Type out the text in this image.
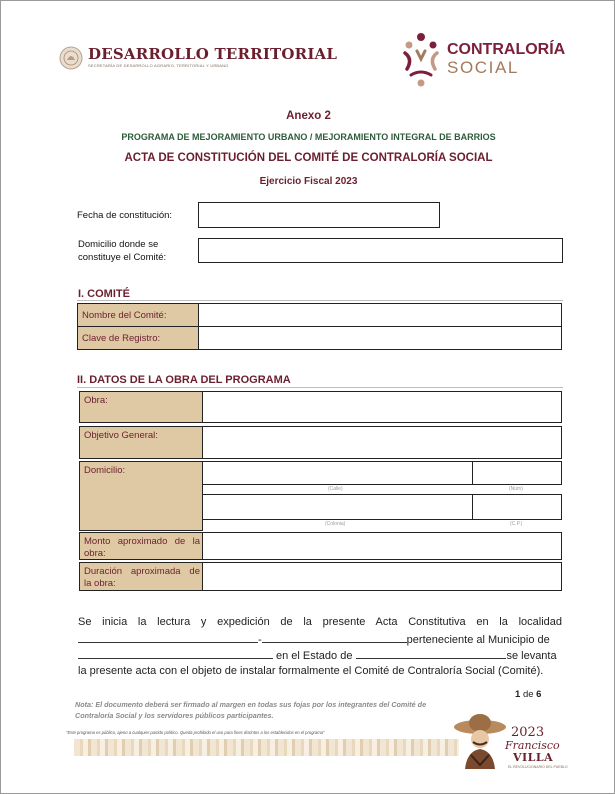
DESARROLLO TERRITORIAL
SECRETARÍA DE DESARROLLO AGRARIO, TERRITORIAL Y URBANO
CONTRALORÍA
SOCIAL
Anexo 2
PROGRAMA DE MEJORAMIENTO URBANO / MEJORAMIENTO INTEGRAL DE BARRIOS
ACTA DE CONSTITUCIÓN DEL COMITÉ DE CONTRALORÍA SOCIAL
Ejercicio Fiscal 2023
Fecha de constitución:
Domicilio donde se
constituye el Comité:
I. COMITÉ
Nombre del Comité:
Clave de Registro:
II. DATOS DE LA OBRA DEL PROGRAMA
Obra:
Objetivo General:
Domicilio:
(Calle)	(Núm)
(Colonia)	(C.P.)
Monto aproximado de la
obra:
Duración aproximada de
la obra:
Se inicia la lectura y expedición de la presente Acta Constitutiva en la localidad
-	perteneciente al Municipio de
en el Estado de	se levanta
la presente acta con el objeto de instalar formalmente el Comité de Contraloría Social (Comité).
1 de 6
Nota: El documento deberá ser firmado al margen en todas sus fojas por los integrantes del Comité de Contraloría Social y los servidores públicos participantes.
"Este programa es público, ajeno a cualquier partido político. Queda prohibido el uso para fines distintos a los establecidos en el programa"	2023
Francisco
VILLA
EL REVOLUCIONARIO DEL PUEBLO
